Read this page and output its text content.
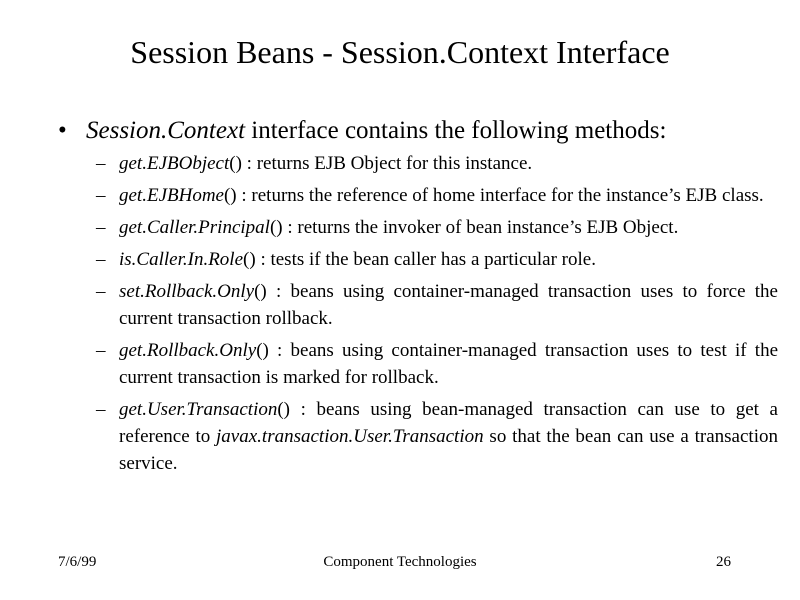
Session Beans - Session.Context Interface
• Session.Context interface contains the following methods:
– get.EJBObject() : returns EJB Object for this instance.
– get.EJBHome() : returns the reference of home interface for the instance’s EJB class.
– get.Caller.Principal() : returns the invoker of bean instance’s EJB Object.
– is.Caller.In.Role() : tests if the bean caller has a particular role.
– set.Rollback.Only() : beans using container-managed transaction uses to force the current transaction rollback.
– get.Rollback.Only() : beans using container-managed transaction uses to test if the current transaction is marked for rollback.
– get.User.Transaction() : beans using bean-managed transaction can use to get a reference to javax.transaction.User.Transaction so that the bean can use a transaction service.
7/6/99	Component Technologies	26
